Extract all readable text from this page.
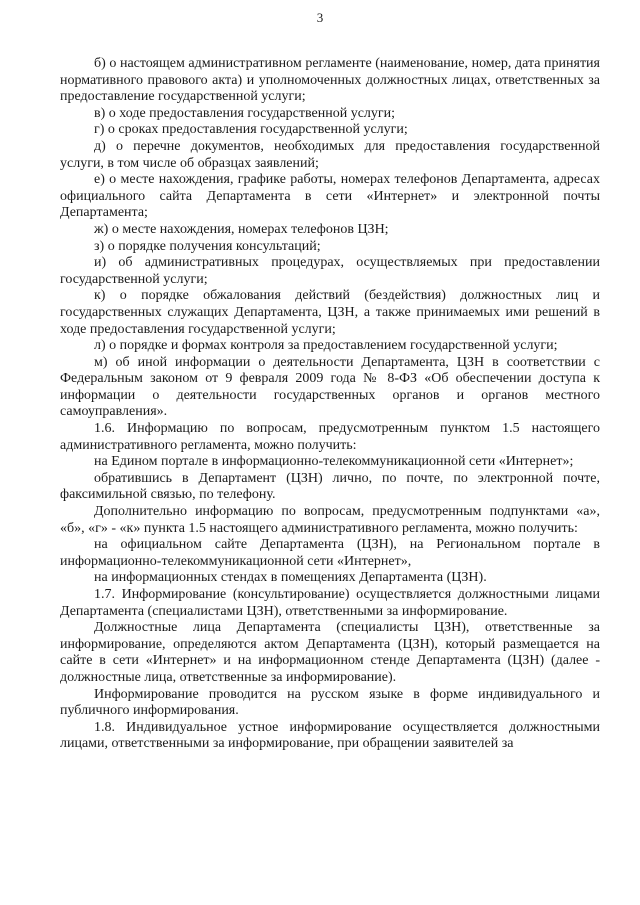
3

б) о настоящем административном регламенте (наименование, номер, дата принятия нормативного правового акта) и уполномоченных должностных лицах, ответственных за предоставление государственной услуги;

в) о ходе предоставления государственной услуги;

г) о сроках предоставления государственной услуги;

д) о перечне документов, необходимых для предоставления государственной услуги, в том числе об образцах заявлений;

е) о месте нахождения, графике работы, номерах телефонов Департамента, адресах официального сайта Департамента в сети «Интернет» и электронной почты Департамента;

ж) о месте нахождения, номерах телефонов ЦЗН;

з) о порядке получения консультаций;

и) об административных процедурах, осуществляемых при предоставлении государственной услуги;

к) о порядке обжалования действий (бездействия) должностных лиц и государственных служащих Департамента, ЦЗН, а также принимаемых ими решений в ходе предоставления государственной услуги;

л) о порядке и формах контроля за предоставлением государственной услуги;

м) об иной информации о деятельности Департамента, ЦЗН в соответствии с Федеральным законом от 9 февраля 2009 года № 8-ФЗ «Об обеспечении доступа к информации о деятельности государственных органов и органов местного самоуправления».

1.6. Информацию по вопросам, предусмотренным пунктом 1.5 настоящего административного регламента, можно получить:

на Едином портале в информационно-телекоммуникационной сети «Интернет»;

обратившись в Департамент (ЦЗН) лично, по почте, по электронной почте, факсимильной связью, по телефону.

Дополнительно информацию по вопросам, предусмотренным подпунктами «а», «б», «г» - «к» пункта 1.5 настоящего административного регламента, можно получить:

на официальном сайте Департамента (ЦЗН), на Региональном портале в информационно-телекоммуникационной сети «Интернет»,

на информационных стендах в помещениях Департамента (ЦЗН).

1.7. Информирование (консультирование) осуществляется должностными лицами Департамента (специалистами ЦЗН), ответственными за информирование.

Должностные лица Департамента (специалисты ЦЗН), ответственные за информирование, определяются актом Департамента (ЦЗН), который размещается на сайте в сети «Интернет» и на информационном стенде Департамента (ЦЗН) (далее - должностные лица, ответственные за информирование).

Информирование проводится на русском языке в форме индивидуального и публичного информирования.

1.8. Индивидуальное устное информирование осуществляется должностными лицами, ответственными за информирование, при обращении заявителей за
